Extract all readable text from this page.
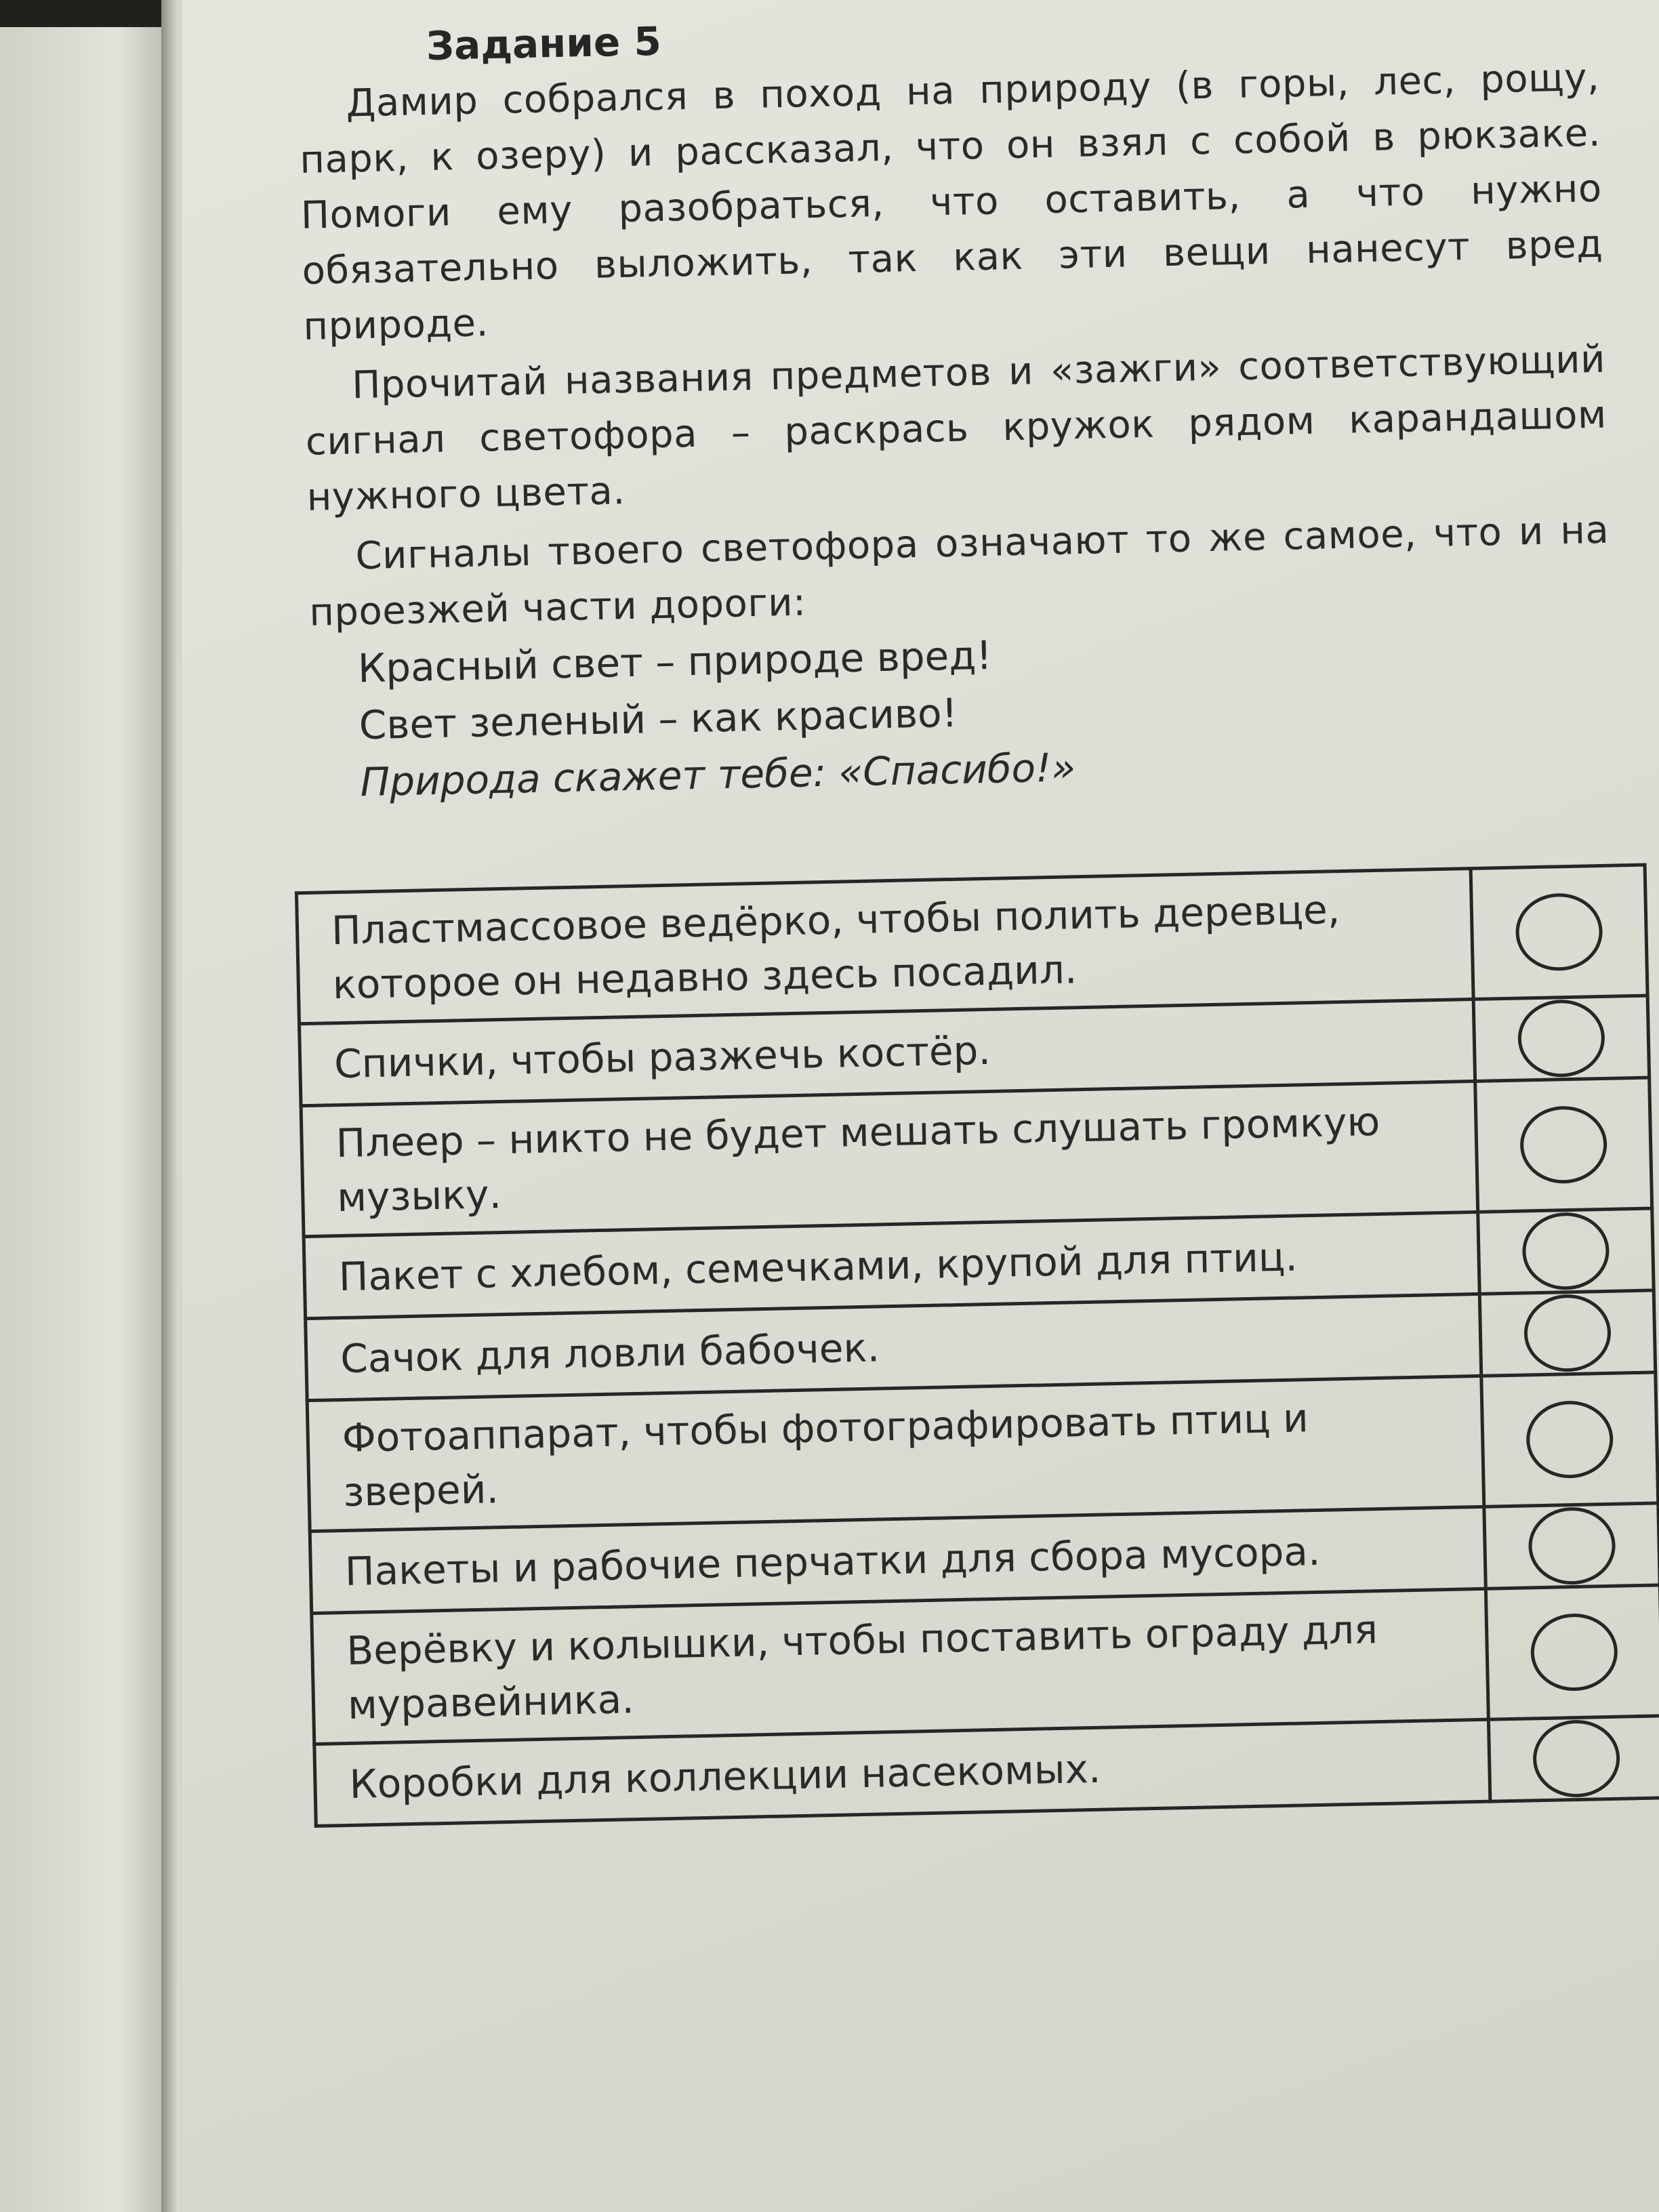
Задание 5

Дамир собрался в поход на природу (в горы, лес, рощу, парк, к озеру) и рассказал, что он взял с собой в рюкзаке. Помоги ему разобраться, что оставить, а что нужно обязательно выложить, так как эти вещи нанесут вред природе.

Прочитай названия предметов и «зажги» соответствующий сигнал светофора – раскрась кружок рядом карандашом нужного цвета.

Сигналы твоего светофора означают то же самое, что и на проезжей части дороги:

Красный свет – природе вред!

Свет зеленый – как красиво!

Природа скажет тебе: «Спасибо!»

Пластмассовое ведёрко, чтобы полить деревце, которое он недавно здесь посадил.	
Спички, чтобы разжечь костёр.	
Плеер – никто не будет мешать слушать громкую музыку.	
Пакет с хлебом, семечками, крупой для птиц.	
Сачок для ловли бабочек.	
Фотоаппарат, чтобы фотографировать птиц и зверей.	
Пакеты и рабочие перчатки для сбора мусора.	
Верёвку и колышки, чтобы поставить ограду для муравейника.	
Коробки для коллекции насекомых.	
